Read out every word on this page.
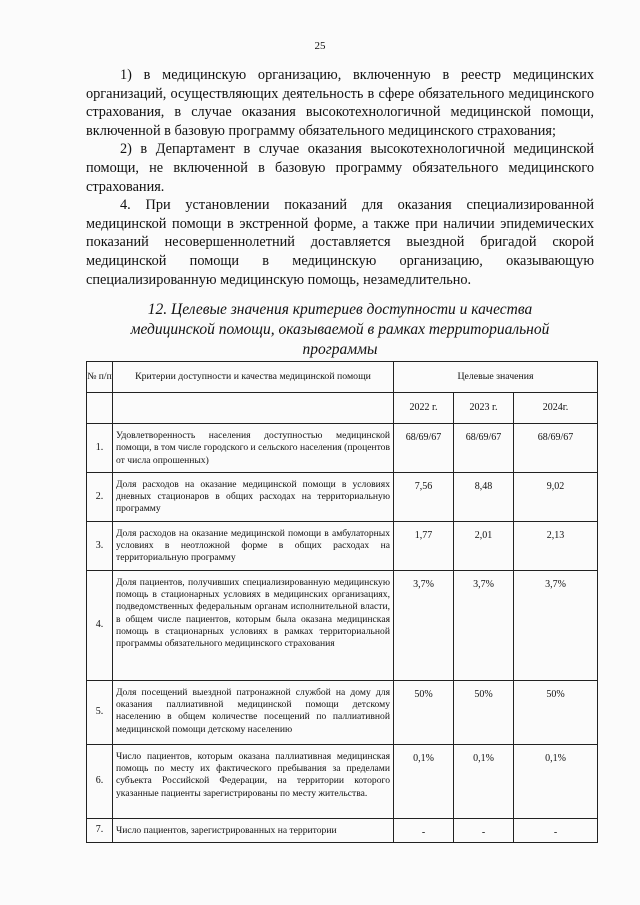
25

1) в медицинскую организацию, включенную в реестр медицинских организаций, осуществляющих деятельность в сфере обязательного медицинского страхования, в случае оказания высокотехнологичной медицинской помощи, включенной в базовую программу обязательного медицинского страхования;

2) в Департамент в случае оказания высокотехнологичной медицинской помощи, не включенной в базовую программу обязательного медицинского страхования.

4. При установлении показаний для оказания специализированной медицинской помощи в экстренной форме, а также при наличии эпидемических показаний несовершеннолетний доставляется выездной бригадой скорой медицинской помощи в медицинскую организацию, оказывающую специализированную медицинскую помощь, незамедлительно.

12. Целевые значения критериев доступности и качества медицинской помощи, оказываемой в рамках территориальной программы
№ п/п	Критерии доступности и качества медицинской помощи	Целевые значения		
		2022 г.	2023 г.	2024г.
1.	Удовлетворенность населения доступностью медицинской помощи, в том числе городского и сельского населения (процентов от числа опрошенных)	68/69/67	68/69/67	68/69/67
2.	Доля расходов на оказание медицинской помощи в условиях дневных стационаров в общих расходах на территориальную программу	7,56	8,48	9,02
3.	Доля расходов на оказание медицинской помощи в амбулаторных условиях в неотложной форме в общих расходах на территориальную программу	1,77	2,01	2,13
4.	Доля пациентов, получивших специализированную медицинскую помощь в стационарных условиях в медицинских организациях, подведомственных федеральным органам исполнительной власти, в общем числе пациентов, которым была оказана медицинская помощь в стационарных условиях в рамках территориальной программы обязательного медицинского страхования	3,7%	3,7%	3,7%
5.	Доля посещений выездной патронажной службой на дому для оказания паллиативной медицинской помощи детскому населению в общем количестве посещений по паллиативной медицинской помощи детскому населению	50%	50%	50%
6.	Число пациентов, которым оказана паллиативная медицинская помощь по месту их фактического пребывания за пределами субъекта Российской Федерации, на территории которого указанные пациенты зарегистрированы по месту жительства.	0,1%	0,1%	0,1%
7.	Число пациентов, зарегистрированных на территории	-	-	-
